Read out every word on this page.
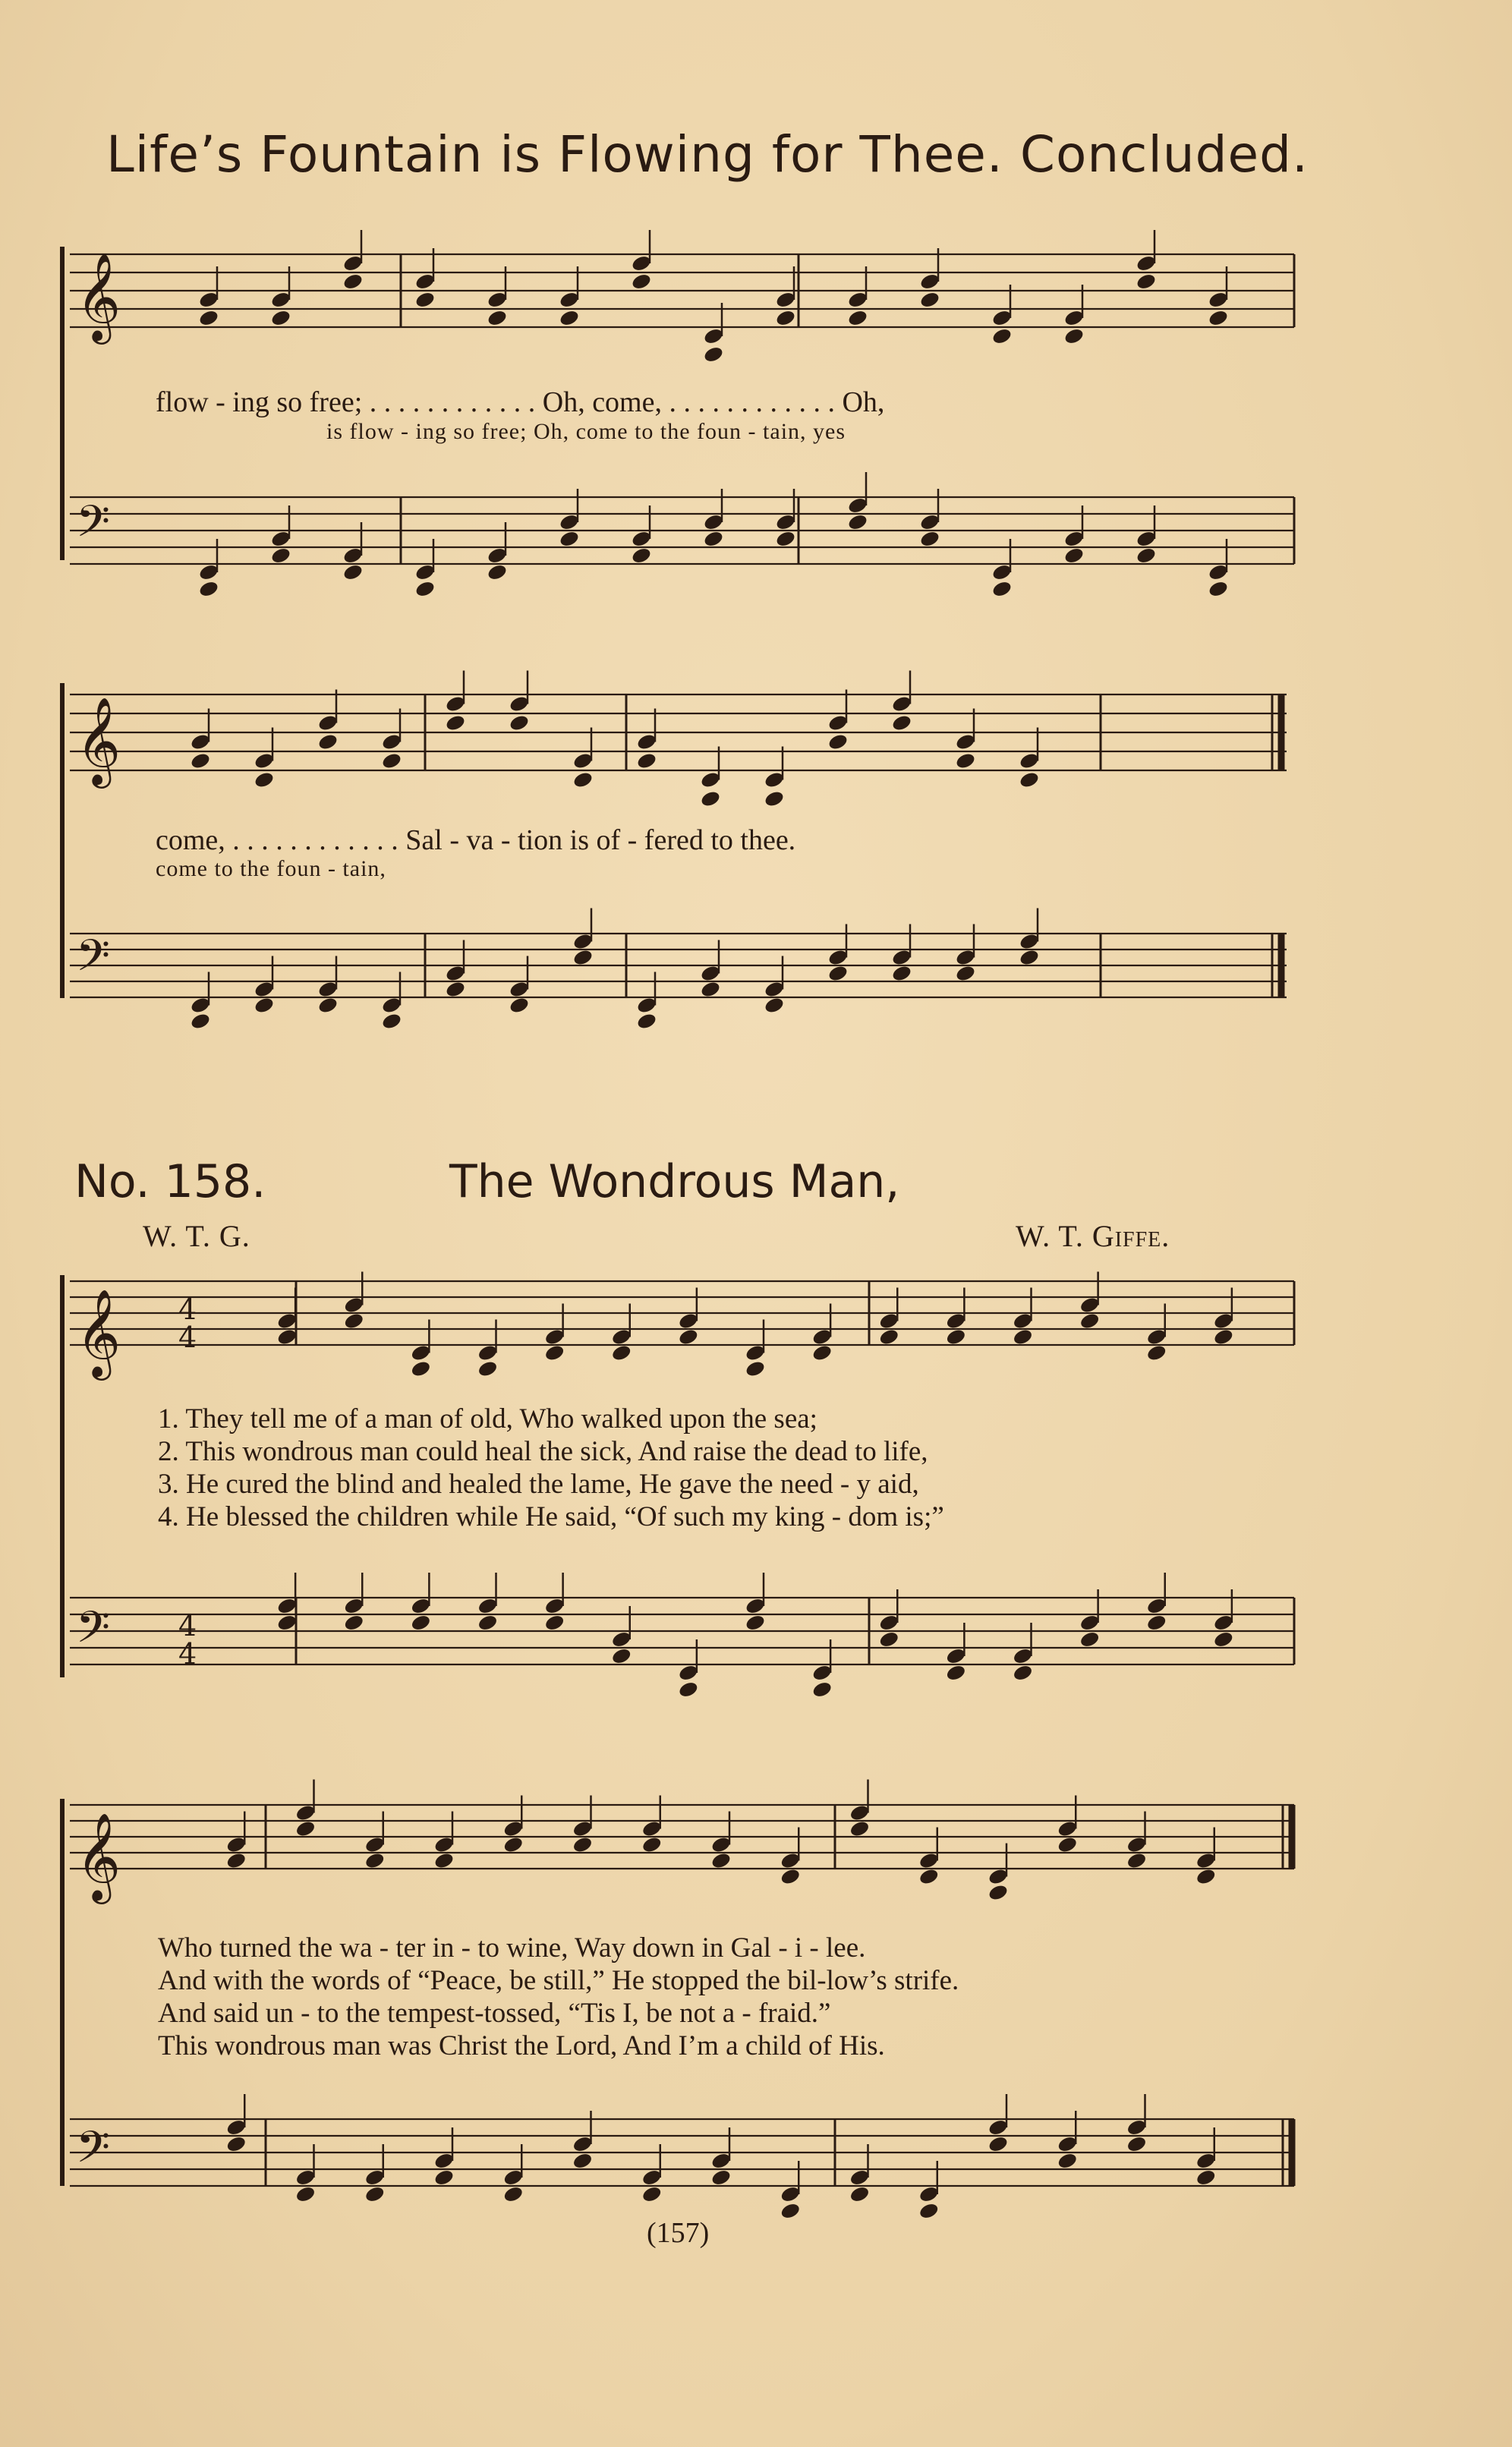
Life’s Fountain is Flowing for Thee. Concluded.
𝄞
𝄢
𝄞
𝄢
𝄞
𝄢
4
4
4
4
𝄞
𝄢
flow - ing so free; . . . . . . . . . . . . Oh, come, . . . . . . . . . . . . Oh,
is flow - ing so free; Oh, come to the foun - tain, yes
come, . . . . . . . . . . . . Sal - va - tion is of - fered to thee.
come to the foun - tain,
No. 158.	The Wondrous Man,
W. T. G.	W. T. Giffe.
1. They tell me of a man of old, Who walked upon the sea;
2. This wondrous man could heal the sick, And raise the dead to life,
3. He cured the blind and healed the lame, He gave the need - y aid,
4. He blessed the children while He said, “Of such my king - dom is;”
Who turned the wa - ter in - to wine, Way down in Gal - i - lee.
And with the words of “Peace, be still,” He stopped the bil-low’s strife.
And said un - to the tempest-tossed, “Tis I, be not a - fraid.”
This wondrous man was Christ the Lord, And I’m a child of His.
(157)
